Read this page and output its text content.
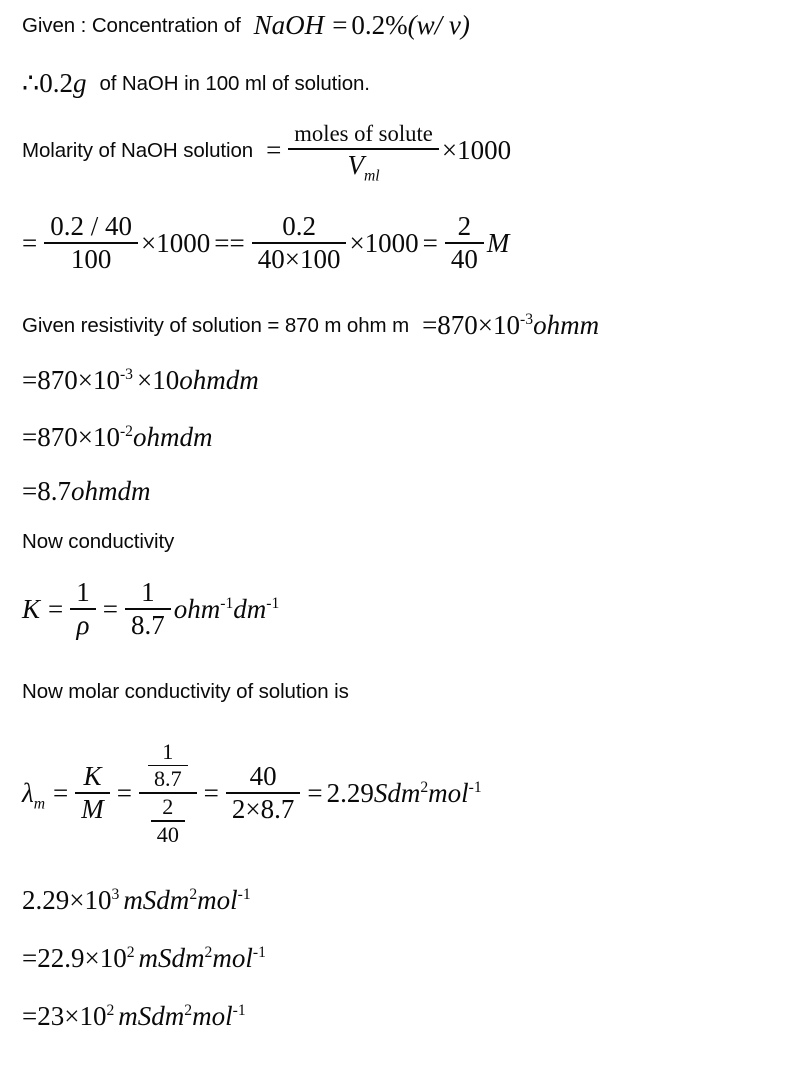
Given : Concentration of NaOH = 0.2% (w/ v)
∴ 0.2 g of NaOH in 100 ml of solution.
Molarity of NaOH solution = $\frac{\text{moles of solute}}{V_{ml}} \times 1000$
= $\frac{0.2 / 40}{100} \times 1000 == \frac{0.2}{40\times 100} \times 1000 = \frac{2}{40}$ M
Given resistivity of solution = 870 m ohm $m = 870 \times 10^{-3}$ ohmm
= $870 \times 10^{-3} \times 10$ ohmdm
= $870 \times 10^{-2}$ ohmdm
= 8.7 ohmdm
Now conductivity
$K = \frac{1}{\rho} = \frac{1}{8.7} ohm^{-1}$ $dm^{-1}$
Now molar conductivity of solution is
$\lambda_m = \frac{K}{M} = \frac{\frac{1}{8.7}}{\frac{2}{40}} = \frac{40}{2\times 8.7} = 2.29$ Sdm$^2$ mol$^{-1}$
$2.29 \times 10^3$ mSdm$^2$ mol$^{-1}$
= $22.9 \times 10^2$ mSdm$^2$ mol$^{-1}$
= $23 \times 10^2$ mSdm$^2$ mol$^{-1}$
